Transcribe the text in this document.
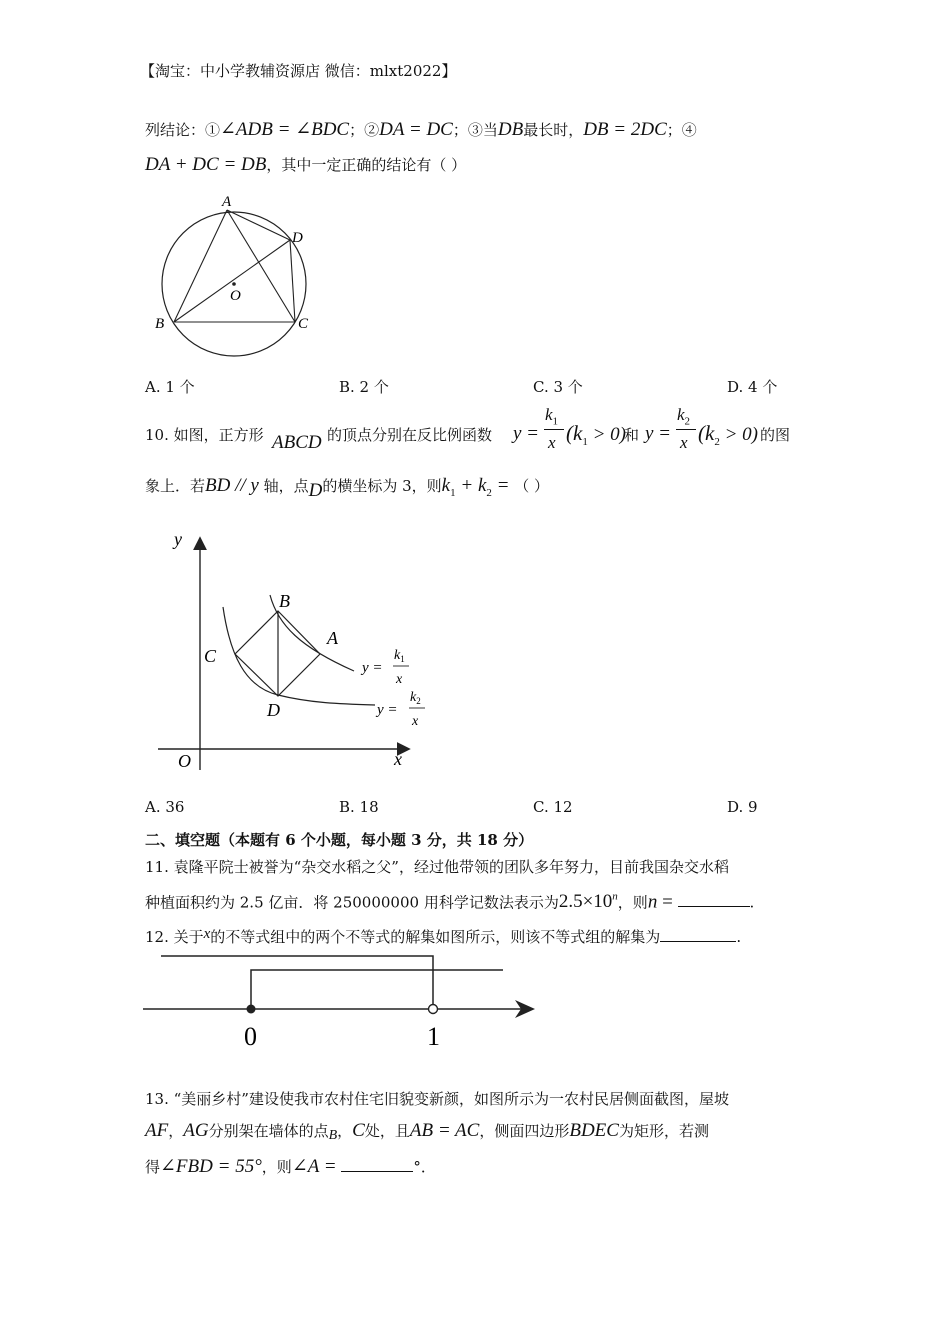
【淘宝：中小学教辅资源店 微信：mlxt2022】
列结论：①∠ADB = ∠BDC；②DA = DC；③当DB最长时，DB = 2DC；④
DA + DC = DB，其中一定正确的结论有（ ）
A
D
O
B	C
A. 1 个	B. 2 个	C. 3 个	D. 4 个
10. 如图，正方形 ABCD 的顶点分别在反比例函数 y =
$k_1$
x $(k_1 > 0)$
和 y =
$k_2$
x $(k_2 > 0)$ 的图
象上．若BD // y 轴，点D的横坐标为 3，则$k_1 + k_2$ = （ ）
y
x
O
B
A
C
D
y =
$k_1$
x
y =
$k_2$
x
A. 36	B. 18	C. 12	D. 9
二、填空题（本题有 6 个小题，每小题 3 分，共 18 分）
11. 袁隆平院士被誉为“杂交水稻之父”，经过他带领的团队多年努力，目前我国杂交水稻
种植面积约为 2.5 亿亩．将 250000000 用科学记数法表示为$2.5\times 10^n$，则n =	.
12. 关于x的不等式组中的两个不等式的解集如图所示，则该不等式组的解集为	.
0	1
13. “美丽乡村”建设使我市农村住宅旧貌变新颜，如图所示为一农村民居侧面截图，屋坡
AF，AG分别架在墙体的点B，C处，且AB = AC，侧面四边形BDEC为矩形，若测
得∠FBD = 55°，则∠A =	°．
